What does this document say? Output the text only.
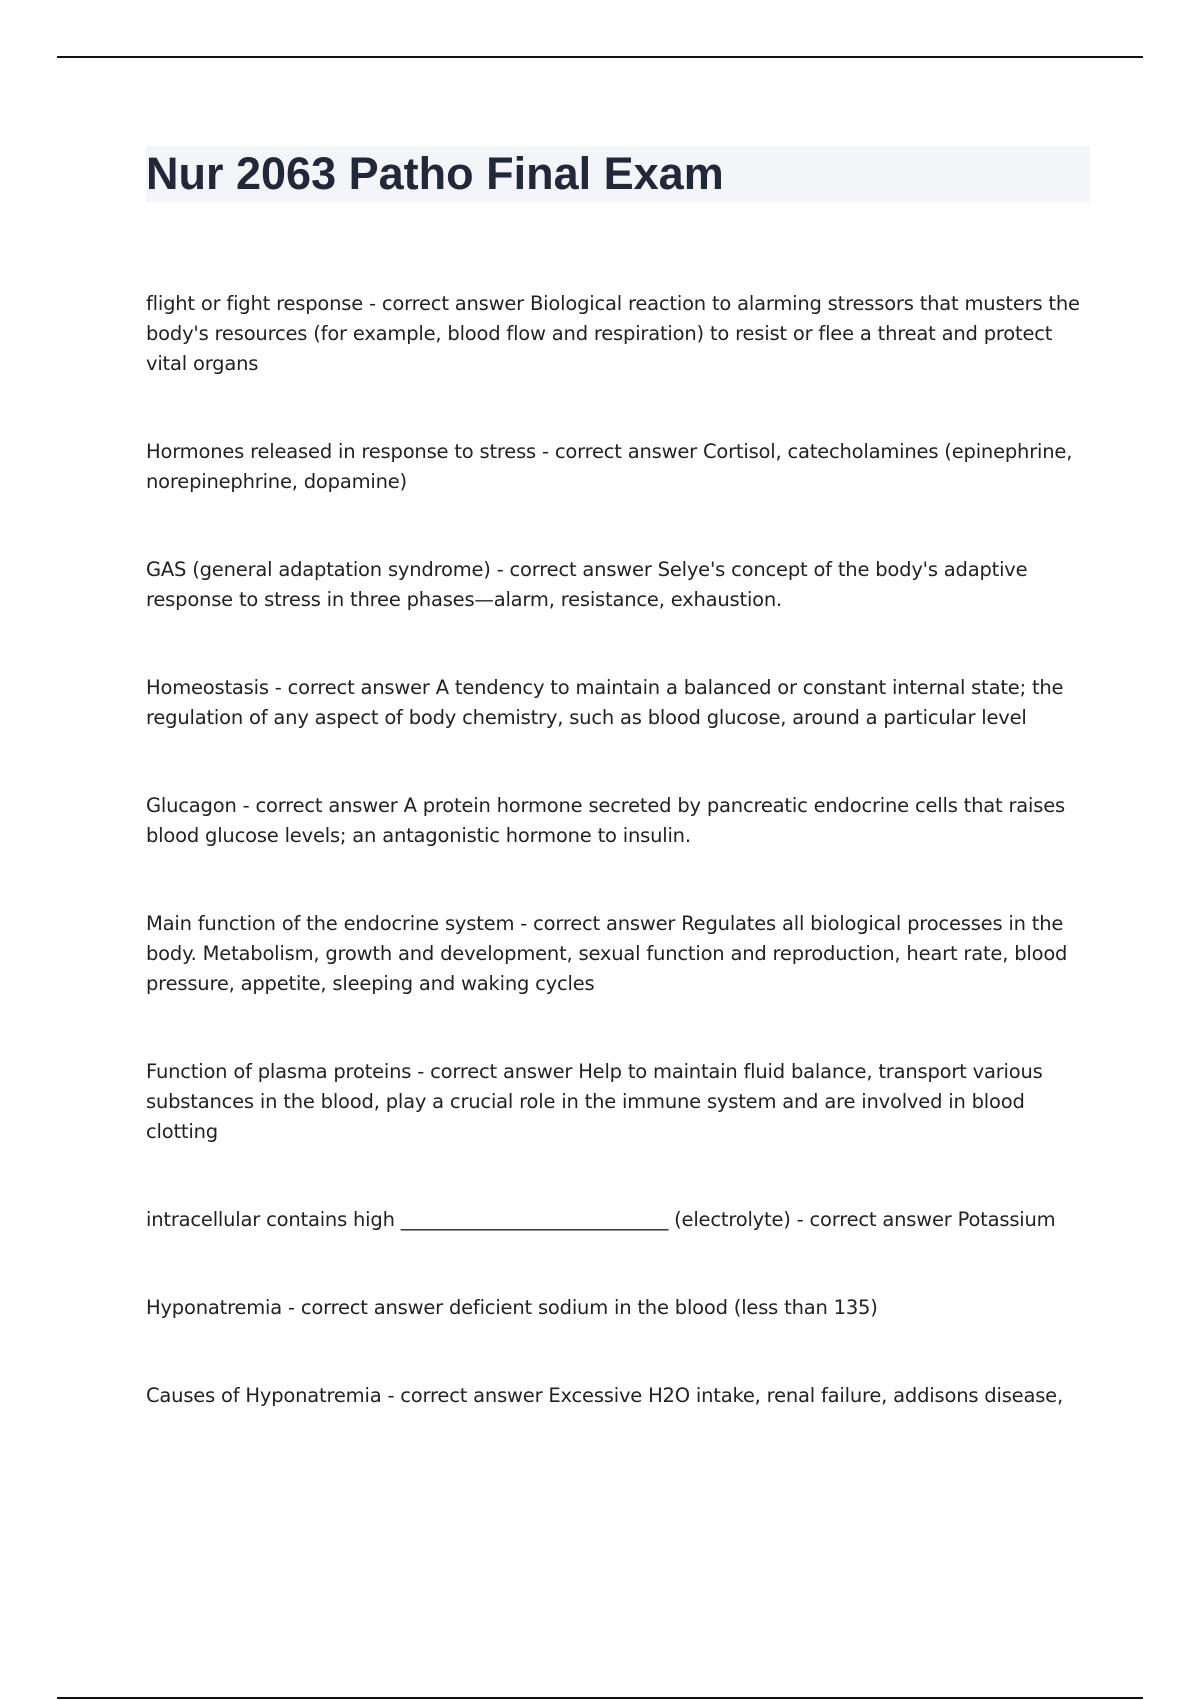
Nur 2063 Patho Final Exam

flight or fight response - correct answer Biological reaction to alarming stressors that musters the body's resources (for example, blood flow and respiration) to resist or flee a threat and protect vital organs

Hormones released in response to stress - correct answer Cortisol, catecholamines (epinephrine, norepinephrine, dopamine)

GAS (general adaptation syndrome) - correct answer Selye's concept of the body's adaptive response to stress in three phases—alarm, resistance, exhaustion.

Homeostasis - correct answer A tendency to maintain a balanced or constant internal state; the regulation of any aspect of body chemistry, such as blood glucose, around a particular level

Glucagon - correct answer A protein hormone secreted by pancreatic endocrine cells that raises blood glucose levels; an antagonistic hormone to insulin.

Main function of the endocrine system - correct answer Regulates all biological processes in the body. Metabolism, growth and development, sexual function and reproduction, heart rate, blood pressure, appetite, sleeping and waking cycles

Function of plasma proteins - correct answer Help to maintain fluid balance, transport various substances in the blood, play a crucial role in the immune system and are involved in blood clotting

intracellular contains high ____________________________ (electrolyte) - correct answer Potassium

Hyponatremia - correct answer deficient sodium in the blood (less than 135)

Causes of Hyponatremia - correct answer Excessive H2O intake, renal failure, addisons disease,
